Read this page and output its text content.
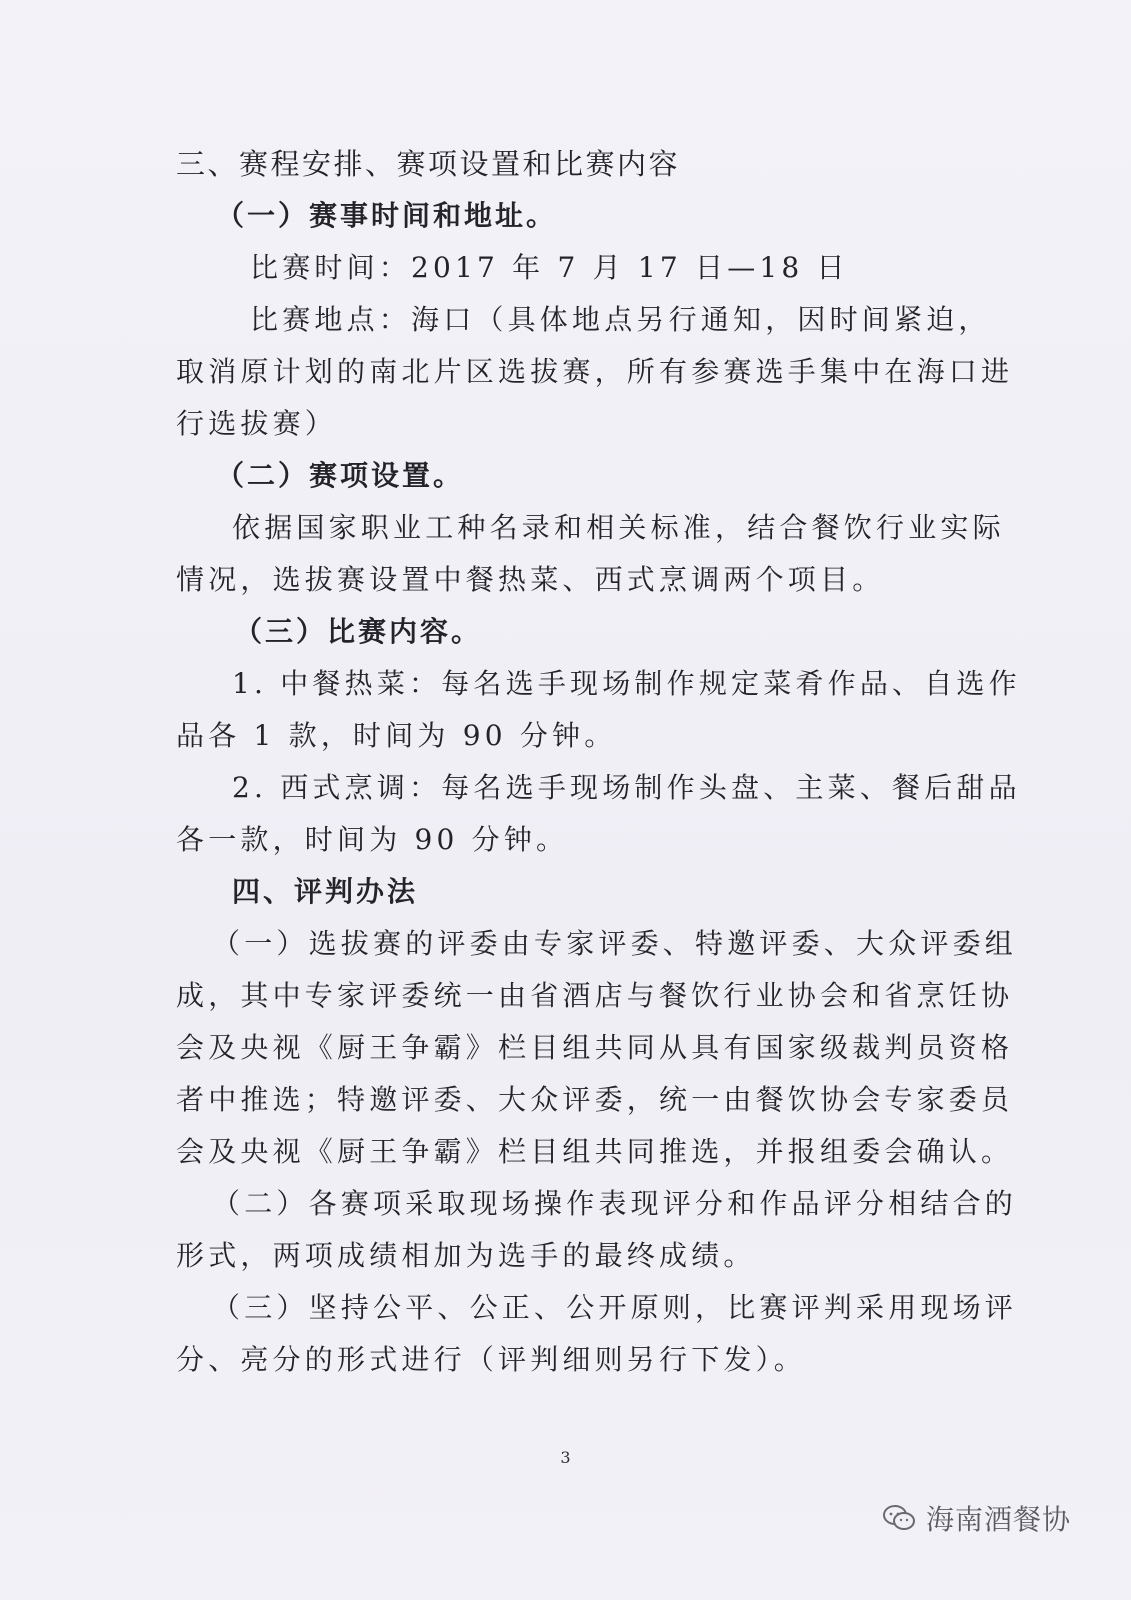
三、赛程安排、赛项设置和比赛内容
（一）赛事时间和地址。
比赛时间：2017 年 7 月 17 日—18 日
比赛地点：海口（具体地点另行通知，因时间紧迫，
取消原计划的南北片区选拔赛，所有参赛选手集中在海口进
行选拔赛）
（二）赛项设置。
依据国家职业工种名录和相关标准，结合餐饮行业实际
情况，选拔赛设置中餐热菜、西式烹调两个项目。
（三）比赛内容。
1. 中餐热菜：每名选手现场制作规定菜肴作品、自选作
品各 1 款，时间为 90 分钟。
2. 西式烹调：每名选手现场制作头盘、主菜、餐后甜品
各一款，时间为 90 分钟。
四、评判办法
（一）选拔赛的评委由专家评委、特邀评委、大众评委组
成，其中专家评委统一由省酒店与餐饮行业协会和省烹饪协
会及央视《厨王争霸》栏目组共同从具有国家级裁判员资格
者中推选；特邀评委、大众评委，统一由餐饮协会专家委员
会及央视《厨王争霸》栏目组共同推选，并报组委会确认。
（二）各赛项采取现场操作表现评分和作品评分相结合的
形式，两项成绩相加为选手的最终成绩。
（三）坚持公平、公正、公开原则，比赛评判采用现场评
分、亮分的形式进行（评判细则另行下发）。
3
海南酒餐协
